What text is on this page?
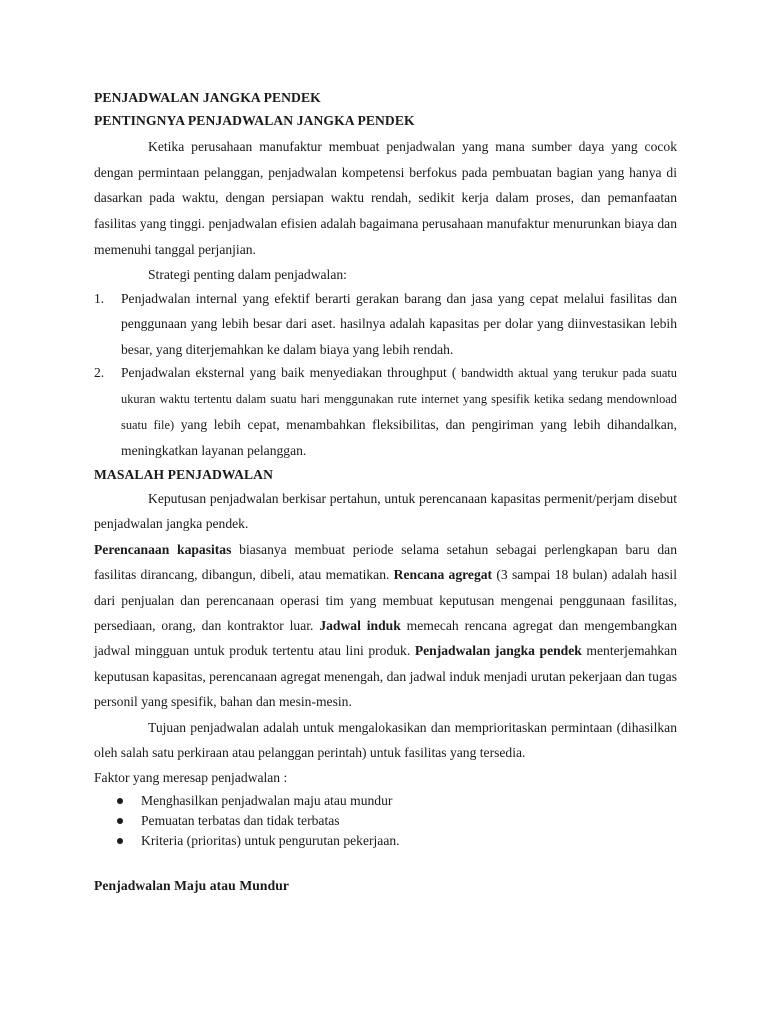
PENJADWALAN JANGKA PENDEK

PENTINGNYA PENJADWALAN JANGKA PENDEK

Ketika perusahaan manufaktur membuat penjadwalan yang mana sumber daya yang cocok dengan permintaan pelanggan, penjadwalan kompetensi berfokus pada pembuatan bagian yang hanya di dasarkan pada waktu, dengan persiapan waktu rendah, sedikit kerja dalam proses, dan pemanfaatan fasilitas yang tinggi. penjadwalan efisien adalah bagaimana perusahaan manufaktur menurunkan biaya dan memenuhi tanggal perjanjian.

Strategi penting dalam penjadwalan:

1. Penjadwalan internal yang efektif berarti gerakan barang dan jasa yang cepat melalui fasilitas dan penggunaan yang lebih besar dari aset. hasilnya adalah kapasitas per dolar yang diinvestasikan lebih besar, yang diterjemahkan ke dalam biaya yang lebih rendah.
2. Penjadwalan eksternal yang baik menyediakan throughput ( bandwidth aktual yang terukur pada suatu ukuran waktu tertentu dalam suatu hari menggunakan rute internet yang spesifik ketika sedang mendownload suatu file) yang lebih cepat, menambahkan fleksibilitas, dan pengiriman yang lebih dihandalkan, meningkatkan layanan pelanggan.

MASALAH PENJADWALAN

Keputusan penjadwalan berkisar pertahun, untuk perencanaan kapasitas permenit/perjam disebut penjadwalan jangka pendek.

Perencanaan kapasitas biasanya membuat periode selama setahun sebagai perlengkapan baru dan fasilitas dirancang, dibangun, dibeli, atau mematikan. Rencana agregat (3 sampai 18 bulan) adalah hasil dari penjualan dan perencanaan operasi tim yang membuat keputusan mengenai penggunaan fasilitas, persediaan, orang, dan kontraktor luar. Jadwal induk memecah rencana agregat dan mengembangkan jadwal mingguan untuk produk tertentu atau lini produk. Penjadwalan jangka pendek menterjemahkan keputusan kapasitas, perencanaan agregat menengah, dan jadwal induk menjadi urutan pekerjaan dan tugas personil yang spesifik, bahan dan mesin-mesin.

Tujuan penjadwalan adalah untuk mengalokasikan dan memprioritaskan permintaan (dihasilkan oleh salah satu perkiraan atau pelanggan perintah) untuk fasilitas yang tersedia.

Faktor yang meresap penjadwalan :

Menghasilkan penjadwalan maju atau mundur
Pemuatan terbatas dan tidak terbatas
Kriteria (prioritas) untuk pengurutan pekerjaan.

Penjadwalan Maju atau Mundur
